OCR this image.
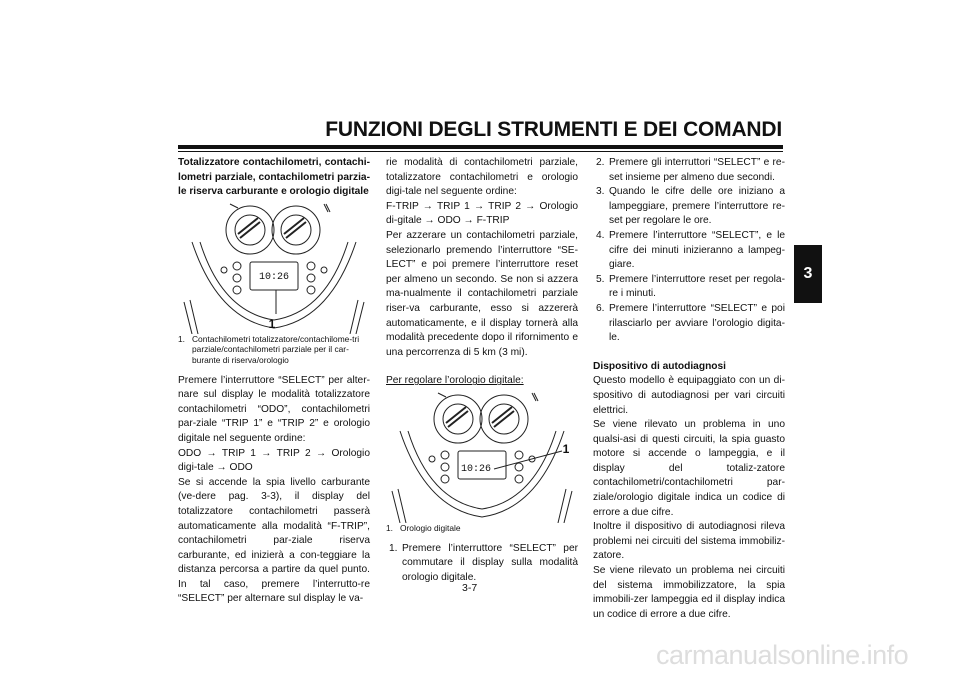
FUNZIONI DEGLI STRUMENTI E DEI COMANDI
3
Totalizzatore contachilometri, contachi-lometri parziale, contachilometri parzia-le riserva carburante e orologio digitale
10:26
1
1. Contachilometri totalizzatore/contachilome-tri parziale/contachilometri parziale per il car-burante di riserva/orologio
Premere l’interruttore “SELECT” per alter-nare sul display le modalità totalizzatore contachilometri “ODO”, contachilometri par-ziale “TRIP 1” e “TRIP 2” e orologio digitale nel seguente ordine:
ODO → TRIP 1 → TRIP 2 → Orologio digi-tale → ODO
Se si accende la spia livello carburante (ve-dere pag. 3-3), il display del totalizzatore contachilometri passerà automaticamente alla modalità “F-TRIP”, contachilometri par-ziale riserva carburante, ed inizierà a con-teggiare la distanza percorsa a partire da quel punto. In tal caso, premere l’interrutto-re “SELECT” per alternare sul display le va-
rie modalità di contachilometri parziale, totalizzatore contachilometri e orologio digi-tale nel seguente ordine:
F-TRIP → TRIP 1 → TRIP 2 → Orologio di-gitale → ODO → F-TRIP
Per azzerare un contachilometri parziale, selezionarlo premendo l’interruttore “SE-LECT” e poi premere l’interruttore reset per almeno un secondo. Se non si azzera ma-nualmente il contachilometri parziale riser-va carburante, esso si azzererà automaticamente, e il display tornerà alla modalità precedente dopo il rifornimento e una percorrenza di 5 km (3 mi).
Per regolare l’orologio digitale:
10:26
1
1. Orologio digitale
1. Premere l’interruttore “SELECT” per commutare il display sulla modalità orologio digitale.
2. Premere gli interruttori “SELECT” e re-set insieme per almeno due secondi.
3. Quando le cifre delle ore iniziano a lampeggiare, premere l’interruttore re-set per regolare le ore.
4. Premere l’interruttore “SELECT”, e le cifre dei minuti inizieranno a lampeg-giare.
5. Premere l’interruttore reset per regola-re i minuti.
6. Premere l’interruttore “SELECT” e poi rilasciarlo per avviare l’orologio digita-le.
Dispositivo di autodiagnosi
Questo modello è equipaggiato con un di-spositivo di autodiagnosi per vari circuiti elettrici.
Se viene rilevato un problema in uno qualsi-asi di questi circuiti, la spia guasto motore si accende o lampeggia, e il display del totaliz-zatore contachilometri/contachilometri par-ziale/orologio digitale indica un codice di errore a due cifre.
Inoltre il dispositivo di autodiagnosi rileva problemi nei circuiti del sistema immobiliz-zatore.
Se viene rilevato un problema nei circuiti del sistema immobilizzatore, la spia immobili-zer lampeggia ed il display indica un codice di errore a due cifre.
3-7
carmanualsonline.info
